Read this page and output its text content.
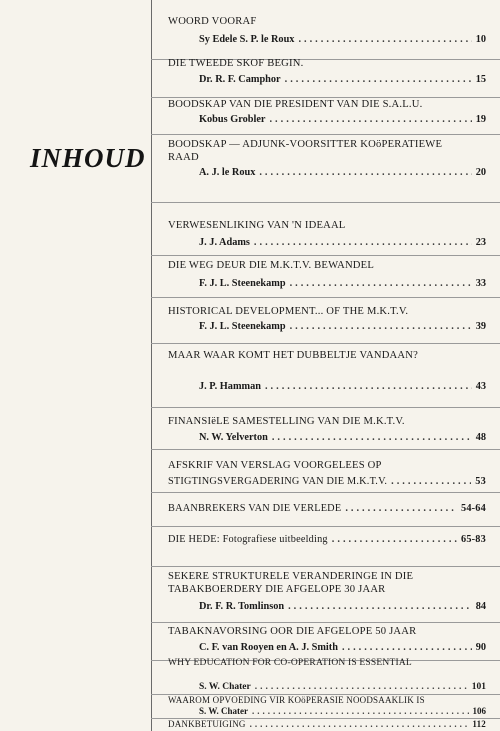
INHOUD
WOORD VOORAF
Sy Edele S. P. le Roux .....	10
DIE TWEEDE SKOF BEGIN.
Dr. R. F. Camphor .....	15
BOODSKAP VAN DIE PRESIDENT VAN DIE S.A.L.U.
Kobus Grobler .....	19
BOODSKAP — ADJUNK-VOORSITTER KOöPERATIEWE RAAD
A. J. le Roux .....	20
VERWESENLIKING VAN 'N IDEAAL
J. J. Adams .....	23
DIE WEG DEUR DIE M.K.T.V. BEWANDEL
F. J. L. Steenekamp .....	33
HISTORICAL DEVELOPMENT... OF THE M.K.T.V.
F. J. L. Steenekamp .....	39
MAAR WAAR KOMT HET DUBBELTJE VANDAAN?
J. P. Hamman .....	43
FINANSIëLE SAMESTELLING VAN DIE M.K.T.V.
N. W. Yelverton .....	48
AFSKRIF VAN VERSLAG VOORGELEES OP
STIGTINGSVERGADERING VAN DIE M.K.T.V. .....	53
BAANBREKERS VAN DIE VERLEDE .....	54-64
DIE HEDE: Fotografiese uitbeelding .....	65-83
SEKERE STRUKTURELE VERANDERINGE IN DIE TABAKBOERDERY DIE AFGELOPE 30 JAAR
Dr. F. R. Tomlinson .....	84
TABAKNAVORSING OOR DIE AFGELOPE 50 JAAR
C. F. van Rooyen en A. J. Smith .....	90
WHY EDUCATION FOR CO-OPERATION IS ESSENTIAL
S. W. Chater .....	101
WAAROM OPVOEDING VIR KOöPERASIE NOODSAAKLIK IS
S. W. Chater .....	106
DANKBETUIGING .....	112
